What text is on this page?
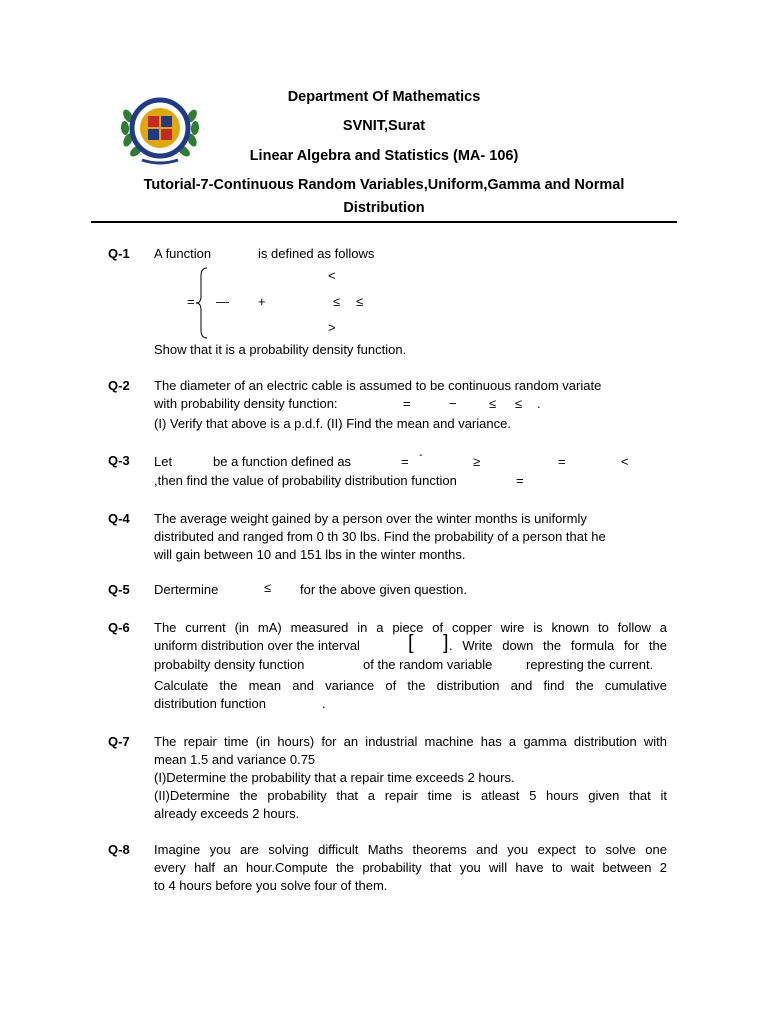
Department Of Mathematics
SVNIT,Surat
Linear Algebra and Statistics (MA- 106)
Tutorial-7-Continuous Random Variables,Uniform,Gamma and Normal
Distribution
Q-1 A function	is defined as follows
<
= — +	≤ ≤
>
Show that it is a probability density function.
Q-2 The diameter of an electric cable is assumed to be continuous random variate
with probability density function:	=	− ≤ ≤ .
(I) Verify that above is a p.d.f. (II) Find the mean and variance.
Q-3 Let	be a function defined as	= -	≥	=	<
,then find the value of probability distribution function	=
Q-4 The average weight gained by a person over the winter months is uniformly
distributed and ranged from 0 th 30 lbs. Find the probability of a person that he
will gain between 10 and 151 lbs in the winter months.
Q-5 Dertermine	≤ for the above given question.
Q-6 The current (in mA) measured in a piece of copper wire is known to follow a
uniform distribution over the interval [ ] . Write down the formula for the
probabilty density function	of the random variable	represting the current.
Calculate the mean and variance of the distribution and find the cumulative
distribution function	.
Q-7 The repair time (in hours) for an industrial machine has a gamma distribution with
mean 1.5 and variance 0.75
(I)Determine the probability that a repair time exceeds 2 hours.
(II)Determine the probability that a repair time is atleast 5 hours given that it
already exceeds 2 hours.
Q-8 Imagine you are solving difficult Maths theorems and you expect to solve one
every half an hour.Compute the probability that you will have to wait between 2
to 4 hours before you solve four of them.
